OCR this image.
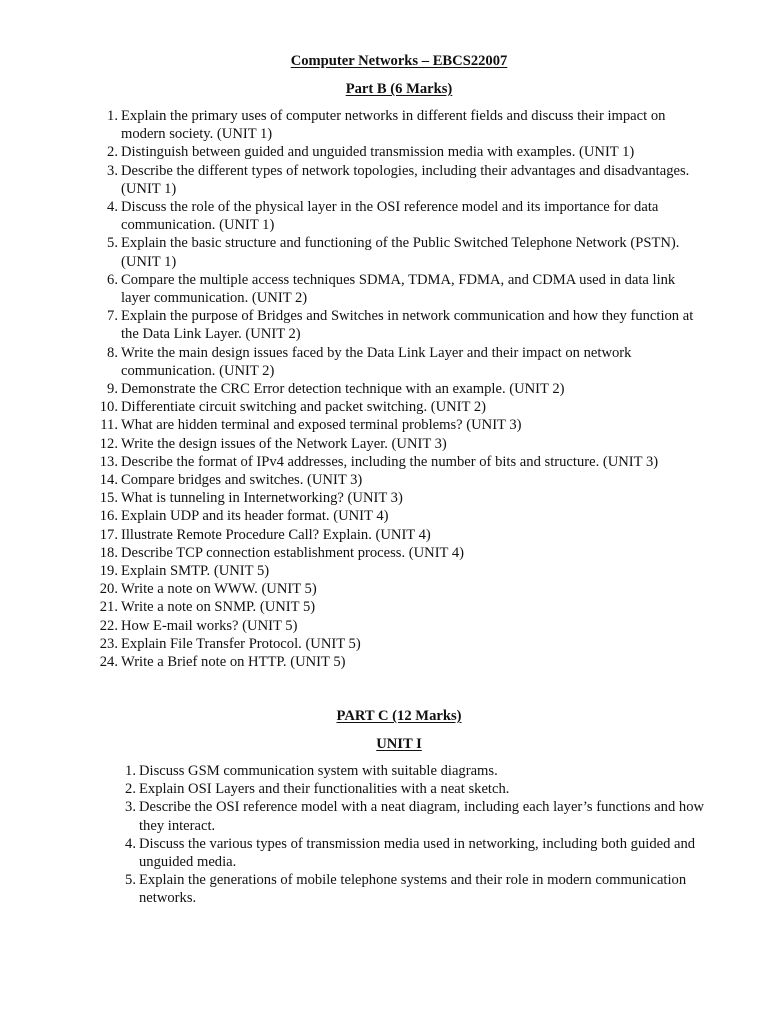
Computer Networks – EBCS22007
Part B (6 Marks)
1. Explain the primary uses of computer networks in different fields and discuss their impact on modern society. (UNIT 1)
2. Distinguish between guided and unguided transmission media with examples. (UNIT 1)
3. Describe the different types of network topologies, including their advantages and disadvantages. (UNIT 1)
4. Discuss the role of the physical layer in the OSI reference model and its importance for data communication. (UNIT 1)
5. Explain the basic structure and functioning of the Public Switched Telephone Network (PSTN). (UNIT 1)
6. Compare the multiple access techniques SDMA, TDMA, FDMA, and CDMA used in data link layer communication. (UNIT 2)
7. Explain the purpose of Bridges and Switches in network communication and how they function at the Data Link Layer. (UNIT 2)
8. Write the main design issues faced by the Data Link Layer and their impact on network communication. (UNIT 2)
9. Demonstrate the CRC Error detection technique with an example. (UNIT 2)
10. Differentiate circuit switching and packet switching. (UNIT 2)
11. What are hidden terminal and exposed terminal problems? (UNIT 3)
12. Write the design issues of the Network Layer. (UNIT 3)
13. Describe the format of IPv4 addresses, including the number of bits and structure. (UNIT 3)
14. Compare bridges and switches. (UNIT 3)
15. What is tunneling in Internetworking? (UNIT 3)
16. Explain UDP and its header format. (UNIT 4)
17. Illustrate Remote Procedure Call? Explain. (UNIT 4)
18. Describe TCP connection establishment process. (UNIT 4)
19. Explain SMTP. (UNIT 5)
20. Write a note on WWW. (UNIT 5)
21. Write a note on SNMP. (UNIT 5)
22. How E-mail works? (UNIT 5)
23. Explain File Transfer Protocol. (UNIT 5)
24. Write a Brief note on HTTP. (UNIT 5)
PART C (12 Marks)
UNIT I
1. Discuss GSM communication system with suitable diagrams.
2. Explain OSI Layers and their functionalities with a neat sketch.
3. Describe the OSI reference model with a neat diagram, including each layer’s functions and how they interact.
4. Discuss the various types of transmission media used in networking, including both guided and unguided media.
5. Explain the generations of mobile telephone systems and their role in modern communication networks.
